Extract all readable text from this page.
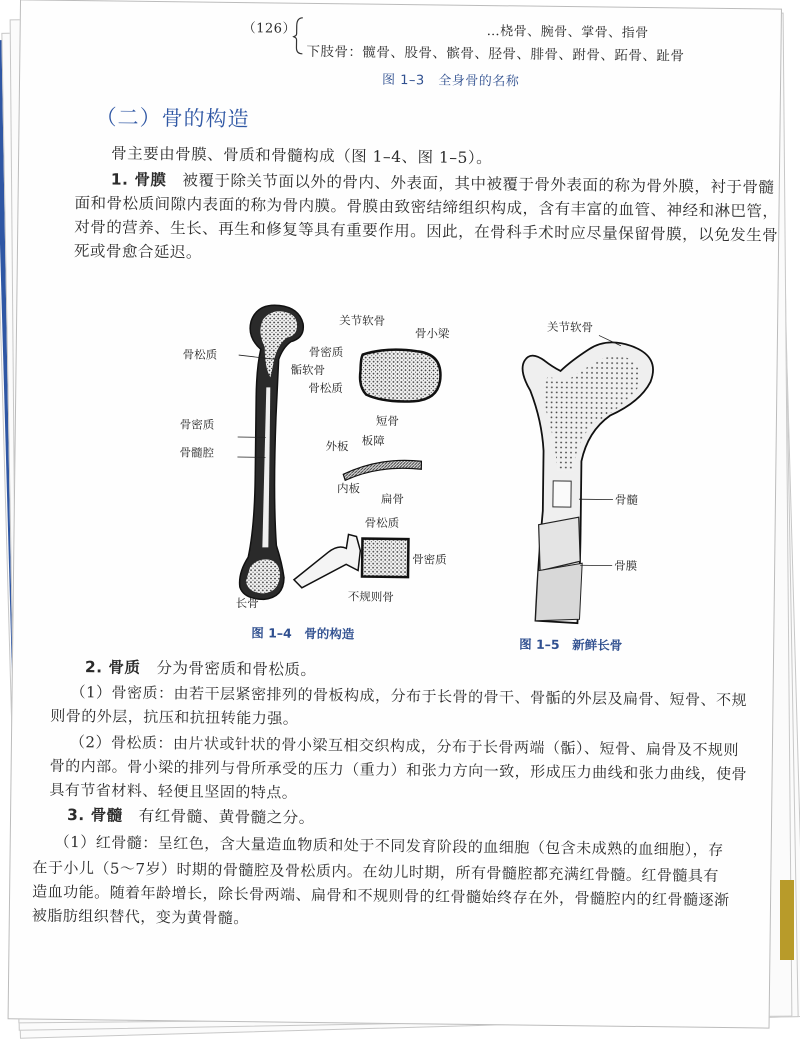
（126）	…桡骨、腕骨、掌骨、指骨
下肢骨：髋骨、股骨、髌骨、胫骨、腓骨、跗骨、跖骨、趾骨
图 1–3　全身骨的名称
（二）骨的构造
骨主要由骨膜、骨质和骨髓构成（图 1–4、图 1–5）。
1. 骨膜　 被覆于除关节面以外的骨内、外表面，其中被覆于骨外表面的称为骨外膜，衬于骨髓
面和骨松质间隙内表面的称为骨内膜。骨膜由致密结缔组织构成，含有丰富的血管、神经和淋巴管，
对骨的营养、生长、再生和修复等具有重要作用。因此，在骨科手术时应尽量保留骨膜，以免发生骨
死或骨愈合延迟。
关节软骨
骨松质
骺软骨
骨密质
骨髓腔
长骨
骨小梁
骨密质
骨松质
短骨
外板 板障
内板
扁骨
骨松质
骨密质
不规则骨
图 1–4　骨的构造
关节软骨
骨髓
骨膜
图 1–5　新鲜长骨
2. 骨质　 分为骨密质和骨松质。
（1）骨密质：由若干层紧密排列的骨板构成，分布于长骨的骨干、骨骺的外层及扁骨、短骨、不规
则骨的外层，抗压和抗扭转能力强。
（2）骨松质：由片状或针状的骨小梁互相交织构成，分布于长骨两端（骺）、短骨、扁骨及不规则
骨的内部。骨小梁的排列与骨所承受的压力（重力）和张力方向一致，形成压力曲线和张力曲线，使骨
具有节省材料、轻便且坚固的特点。
3. 骨髓　 有红骨髓、黄骨髓之分。
（1）红骨髓：呈红色，含大量造血物质和处于不同发育阶段的血细胞（包含未成熟的血细胞），存
在于小儿（5～7岁）时期的骨髓腔及骨松质内。在幼儿时期，所有骨髓腔都充满红骨髓。红骨髓具有
造血功能。随着年龄增长，除长骨两端、扁骨和不规则骨的红骨髓始终存在外，骨髓腔内的红骨髓逐渐
被脂肪组织替代，变为黄骨髓。
